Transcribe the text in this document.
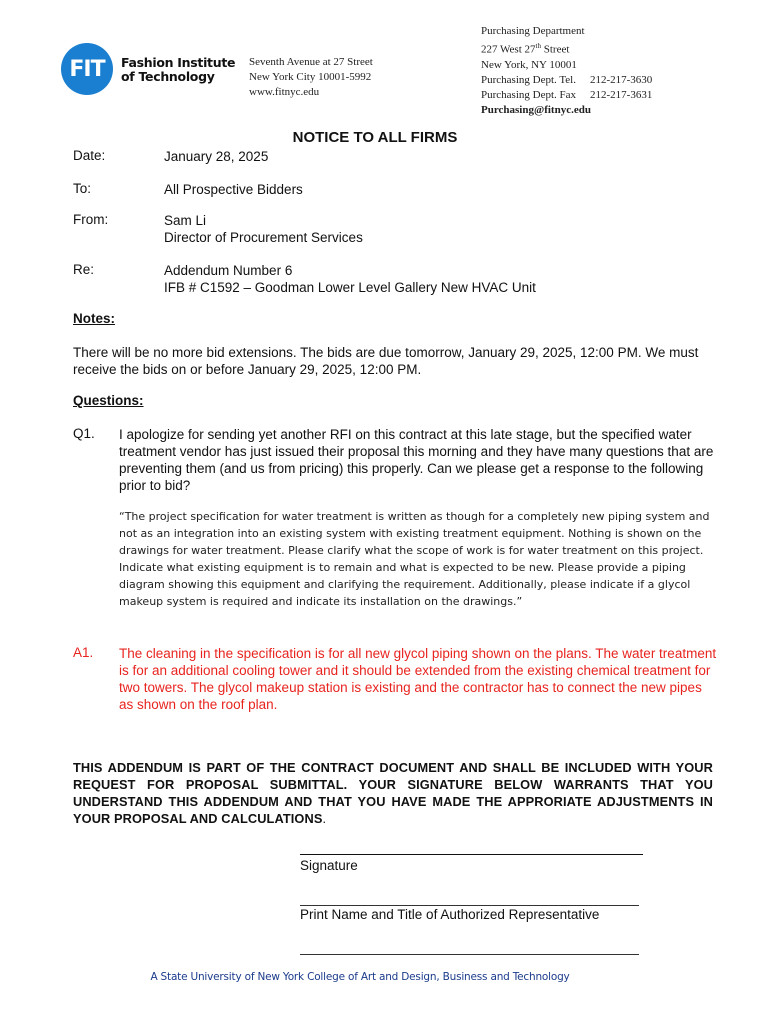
FIT Fashion Institute
of Technology
Seventh Avenue at 27 Street
New York City 10001-5992
www.fitnyc.edu
Purchasing Department
227 West 27th Street
New York, NY 10001
Purchasing Dept. Tel. 212-217-3630
Purchasing Dept. Fax 212-217-3631
Purchasing@fitnyc.edu
NOTICE TO ALL FIRMS
Date:	January 28, 2025
To:	All Prospective Bidders
From:	Sam Li
Director of Procurement Services
Re:	Addendum Number 6
IFB # C1592 – Goodman Lower Level Gallery New HVAC Unit
Notes:
There will be no more bid extensions. The bids are due tomorrow, January 29, 2025, 12:00 PM. We must receive the bids on or before January 29, 2025, 12:00 PM.
Questions:
Q1. I apologize for sending yet another RFI on this contract at this late stage, but the specified water treatment vendor has just issued their proposal this morning and they have many questions that are preventing them (and us from pricing) this properly. Can we please get a response to the following prior to bid?
“The project specification for water treatment is written as though for a completely new piping system and not as an integration into an existing system with existing treatment equipment. Nothing is shown on the drawings for water treatment. Please clarify what the scope of work is for water treatment on this project. Indicate what existing equipment is to remain and what is expected to be new. Please provide a piping diagram showing this equipment and clarifying the requirement. Additionally, please indicate if a glycol makeup system is required and indicate its installation on the drawings.”
A1. The cleaning in the specification is for all new glycol piping shown on the plans. The water treatment is for an additional cooling tower and it should be extended from the existing chemical treatment for two towers. The glycol makeup station is existing and the contractor has to connect the new pipes as shown on the roof plan.
THIS ADDENDUM IS PART OF THE CONTRACT DOCUMENT AND SHALL BE INCLUDED WITH YOUR REQUEST FOR PROPOSAL SUBMITTAL. YOUR SIGNATURE BELOW WARRANTS THAT YOU UNDERSTAND THIS ADDENDUM AND THAT YOU HAVE MADE THE APPRORIATE ADJUSTMENTS IN YOUR PROPOSAL AND CALCULATIONS.
Signature
Print Name and Title of Authorized Representative
A State University of New York College of Art and Design, Business and Technology
